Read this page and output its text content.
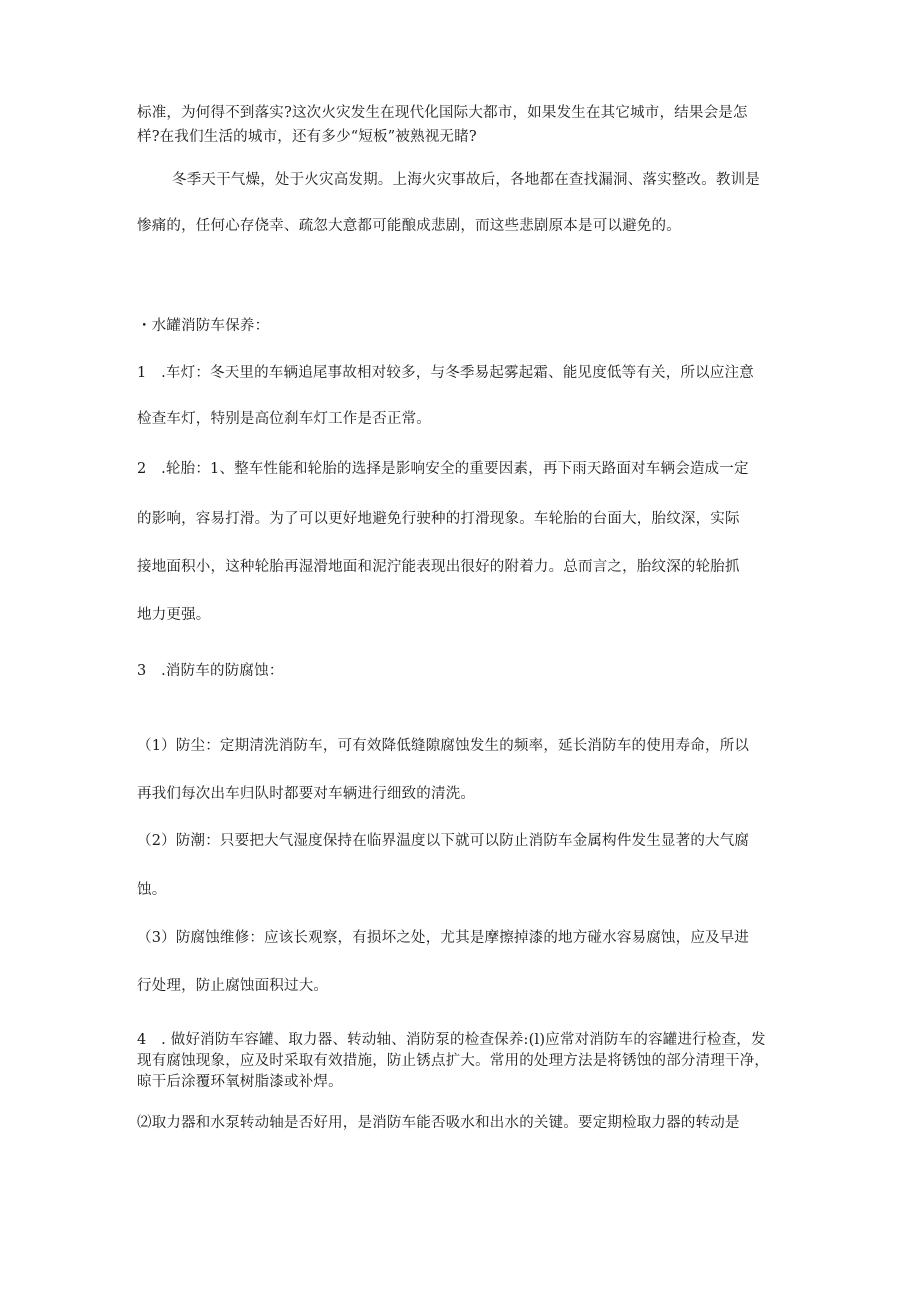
标准，为何得不到落实?这次火灾发生在现代化国际大都市，如果发生在其它城市，结果会是怎

样?在我们生活的城市，还有多少“短板”被熟视无睹?

冬季天干气燥，处于火灾高发期。上海火灾事故后，各地都在查找漏洞、落实整改。教训是

惨痛的，任何心存侥幸、疏忽大意都可能酿成悲剧，而这些悲剧原本是可以避免的。

・水罐消防车保养：

1　.车灯：冬天里的车辆追尾事故相对较多，与冬季易起雾起霜、能见度低等有关，所以应注意

检查车灯，特别是高位刹车灯工作是否正常。

2　.轮胎：1、整车性能和轮胎的选择是影响安全的重要因素，再下雨天路面对车辆会造成一定

的影响，容易打滑。为了可以更好地避免行驶种的打滑现象。车轮胎的台面大，胎纹深，实际

接地面积小，这种轮胎再湿滑地面和泥泞能表现出很好的附着力。总而言之，胎纹深的轮胎抓

地力更强。

3　.消防车的防腐蚀：

（1）防尘：定期清洗消防车，可有效降低缝隙腐蚀发生的频率，延长消防车的使用寿命，所以

再我们每次出车归队时都要对车辆进行细致的清洗。

（2）防潮：只要把大气湿度保持在临界温度以下就可以防止消防车金属构件发生显著的大气腐

蚀。

（3）防腐蚀维修：应该长观察，有损坏之处，尤其是摩擦掉漆的地方碰水容易腐蚀，应及早进

行处理，防止腐蚀面积过大。

4　. 做好消防车容罐、取力器、转动轴、消防泵的检查保养:(l)应常对消防车的容罐进行检查，发现有腐蚀现象，应及时采取有效措施，防止锈点扩大。常用的处理方法是将锈蚀的部分清理干净，晾干后涂覆环氧树脂漆或补焊。

⑵取力器和水泵转动轴是否好用，是消防车能否吸水和出水的关键。要定期检取力器的转动是
